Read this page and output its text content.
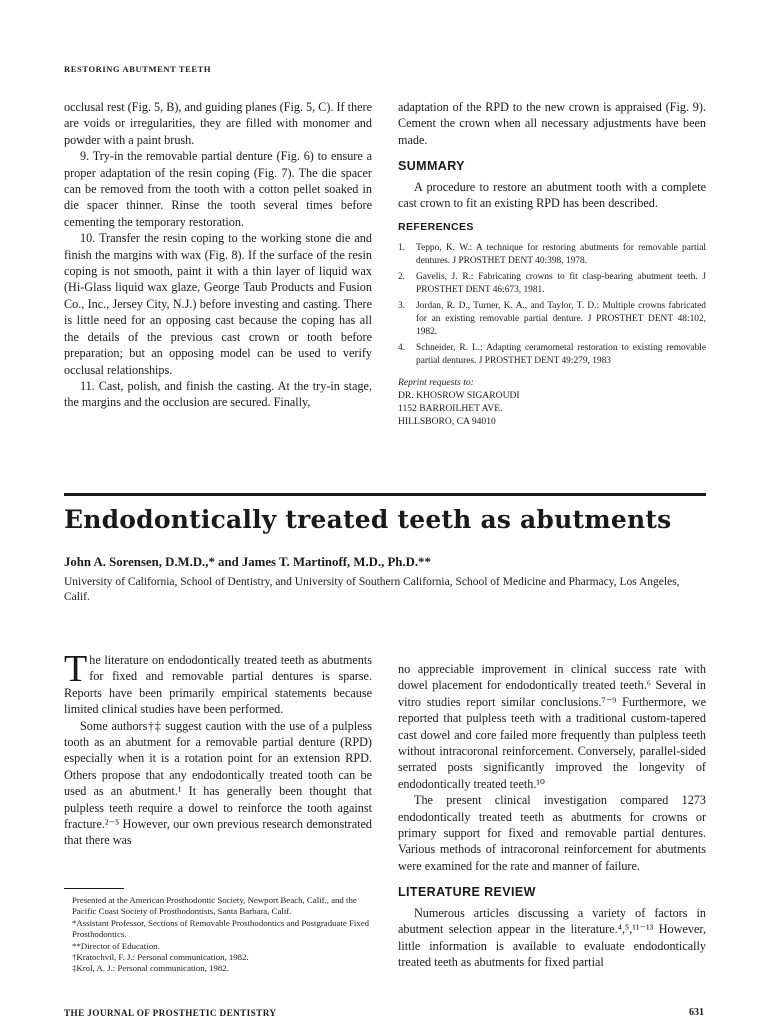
RESTORING ABUTMENT TEETH

occlusal rest (Fig. 5, B), and guiding planes (Fig. 5, C). If there are voids or irregularities, they are filled with monomer and powder with a paint brush.

9. Try-in the removable partial denture (Fig. 6) to ensure a proper adaptation of the resin coping (Fig. 7). The die spacer can be removed from the tooth with a cotton pellet soaked in die spacer thinner. Rinse the tooth several times before cementing the temporary restoration.

10. Transfer the resin coping to the working stone die and finish the margins with wax (Fig. 8). If the surface of the resin coping is not smooth, paint it with a thin layer of liquid wax (Hi-Glass liquid wax glaze, George Taub Products and Fusion Co., Inc., Jersey City, N.J.) before investing and casting. There is little need for an opposing cast because the coping has all the details of the previous cast crown or tooth before preparation; but an opposing model can be used to verify occlusal relationships.

11. Cast, polish, and finish the casting. At the try-in stage, the margins and the occlusion are secured. Finally,

adaptation of the RPD to the new crown is appraised (Fig. 9). Cement the crown when all necessary adjustments have been made.

SUMMARY

A procedure to restore an abutment tooth with a complete cast crown to fit an existing RPD has been described.

REFERENCES
1.	Teppo, K. W.: A technique for restoring abutments for removable partial dentures. J PROSTHET DENT 40:398, 1978.
2.	Gavelis, J. R.: Fabricating crowns to fit clasp-bearing abutment teeth. J PROSTHET DENT 46:673, 1981.
3.	Jordan, R. D., Turner, K. A., and Taylor, T. D.: Multiple crowns fabricated for an existing removable partial denture. J PROSTHET DENT 48:102, 1982.
4.	Schneider, R. L.: Adapting ceramometal restoration to existing removable partial dentures. J PROSTHET DENT 49:279, 1983
Reprint requests to:
DR. KHOSROW SIGAROUDI
1152 BARROILHET AVE.
HILLSBORO, CA 94010
Endodontically treated teeth as abutments
John A. Sorensen, D.M.D.,* and James T. Martinoff, M.D., Ph.D.**
University of California, School of Dentistry, and University of Southern California, School of Medicine and Pharmacy, Los Angeles, Calif.

The literature on endodontically treated teeth as abutments for fixed and removable partial dentures is sparse. Reports have been primarily empirical statements because limited clinical studies have been performed.

Some authors†‡ suggest caution with the use of a pulpless tooth as an abutment for a removable partial denture (RPD) especially when it is a rotation point for an extension RPD. Others propose that any endodontically treated tooth can be used as an abutment.¹ It has generally been thought that pulpless teeth require a dowel to reinforce the tooth against fracture.²⁻⁵ However, our own previous research demonstrated that there was

no appreciable improvement in clinical success rate with dowel placement for endodontically treated teeth.⁶ Several in vitro studies report similar conclusions.⁷⁻⁹ Furthermore, we reported that pulpless teeth with a traditional custom-tapered cast dowel and core failed more frequently than pulpless teeth without intracoronal reinforcement. Conversely, parallel-sided serrated posts significantly improved the longevity of endodontically treated teeth.¹⁰

The present clinical investigation compared 1273 endodontically treated teeth as abutments for crowns or primary support for fixed and removable partial dentures. Various methods of intracoronal reinforcement for abutments were examined for the rate and manner of failure.

LITERATURE REVIEW

Numerous articles discussing a variety of factors in abutment selection appear in the literature.⁴,⁵,¹¹⁻¹³ However, little information is available to evaluate endodontically treated teeth as abutments for fixed partial

Presented at the American Prosthodontic Society, Newport Beach, Calif., and the Pacific Coast Society of Prosthodontists, Santa Barbara, Calif.

*Assistant Professor, Sections of Removable Prosthodontics and Postgraduate Fixed Prosthodontics.

**Director of Education.

†Kratochvil, F. J.: Personal communication, 1982.

‡Krol, A. J.: Personal communication, 1982.

THE JOURNAL OF PROSTHETIC DENTISTRY	631
